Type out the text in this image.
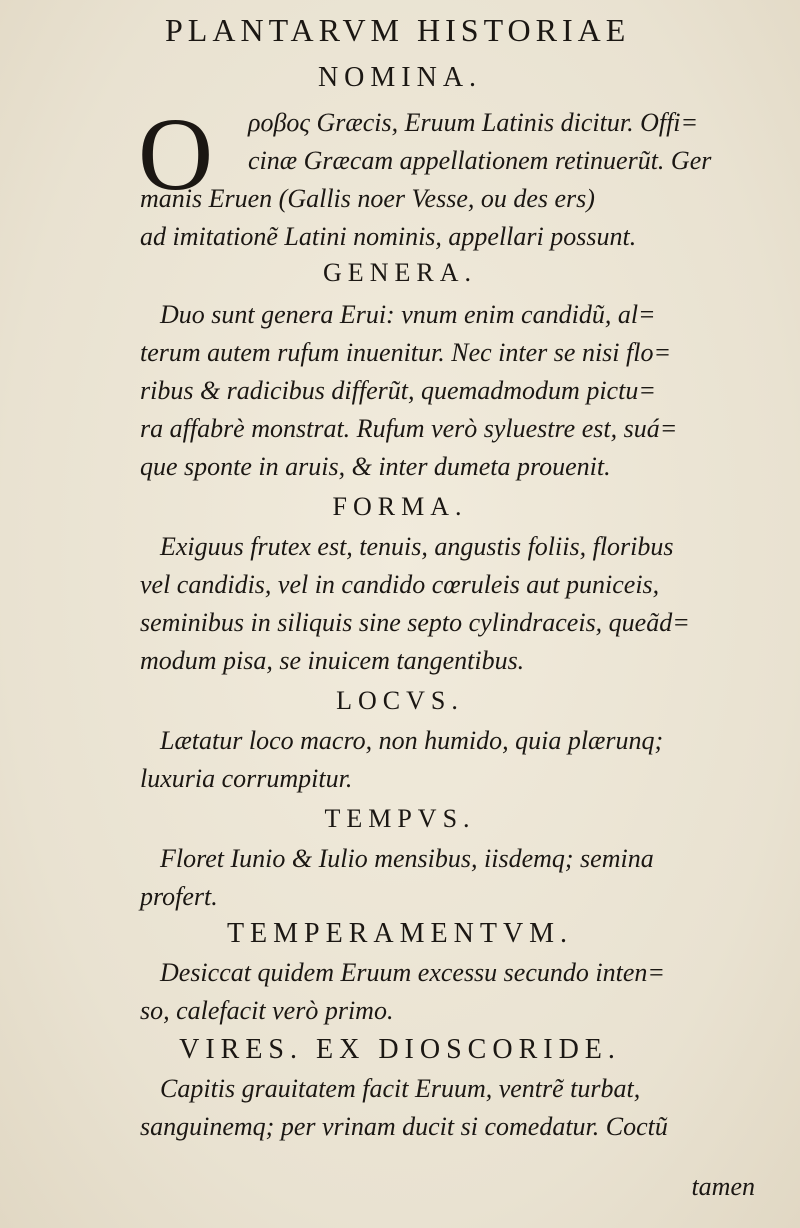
PLANTARVM HISTORIAE
NOMINA.
O ροβος Græcis, Eruum Latinis dicitur. Offi=
cinæ Græcam appellationem retinuerũt. Ger
manis Eruen (Gallis noer Vesse, ou des ers)
ad imitationẽ Latini nominis, appellari possunt.
GENERA.
Duo sunt genera Erui: vnum enim candidũ, al=
terum autem rufum inuenitur. Nec inter se nisi flo=
ribus & radicibus differũt, quemadmodum pictu=
ra affabrè monstrat. Rufum verò syluestre est, suá=
que sponte in aruis, & inter dumeta prouenit.
FORMA.
Exiguus frutex est, tenuis, angustis foliis, floribus
vel candidis, vel in candido cœruleis aut puniceis,
seminibus in siliquis sine septo cylindraceis, queãd=
modum pisa, se inuicem tangentibus.
LOCVS.
Lætatur loco macro, non humido, quia plærunq;
luxuria corrumpitur.
TEMPVS.
Floret Iunio & Iulio mensibus, iisdemq; semina
profert.
TEMPERAMENTVM.
Desiccat quidem Eruum excessu secundo inten=
so, calefacit verò primo.
VIRES. EX DIOSCORIDE.
Capitis grauitatem facit Eruum, ventrẽ turbat,
sanguinemq; per vrinam ducit si comedatur. Coctũ
tamen
